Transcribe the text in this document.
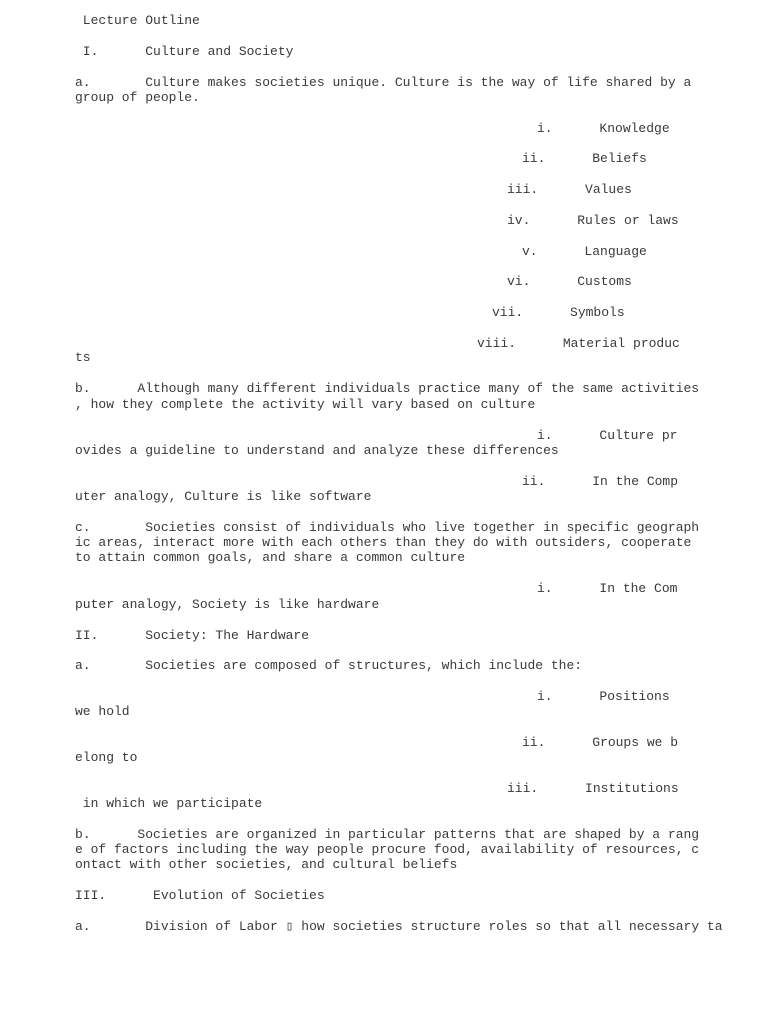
Lecture Outline
I.      Culture and Society
a.       Culture makes societies unique. Culture is the way of life shared by a
group of people.
i.      Knowledge
ii.      Beliefs
iii.      Values
iv.      Rules or laws
v.      Language
vi.      Customs
vii.      Symbols
viii.      Material produc
ts
b.      Although many different individuals practice many of the same activities
, how they complete the activity will vary based on culture
i.      Culture pr
ovides a guideline to understand and analyze these differences
ii.      In the Comp
uter analogy, Culture is like software
c.       Societies consist of individuals who live together in specific geograph
ic areas, interact more with each others than they do with outsiders, cooperate
to attain common goals, and share a common culture
i.      In the Com
puter analogy, Society is like hardware
II.      Society: The Hardware
a.       Societies are composed of structures, which include the:
i.      Positions
we hold
ii.      Groups we b
elong to
iii.      Institutions
in which we participate
b.      Societies are organized in particular patterns that are shaped by a rang
e of factors including the way people procure food, availability of resources, c
ontact with other societies, and cultural beliefs
III.      Evolution of Societies
a.       Division of Labor ▯ how societies structure roles so that all necessary ta
